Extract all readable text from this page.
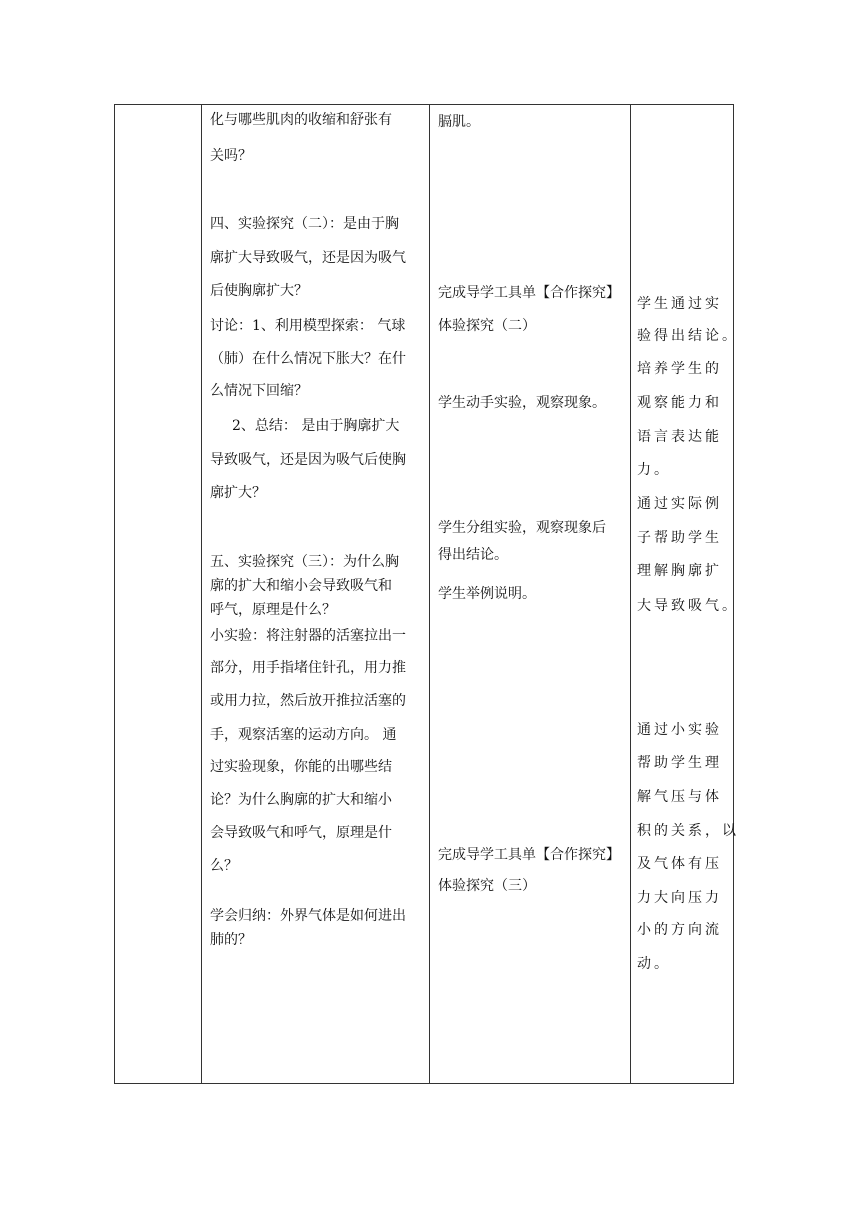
化与哪些肌肉的收缩和舒张有
关吗？
四、实验探究（二）：是由于胸
廓扩大导致吸气，还是因为吸气
后使胸廓扩大？
讨论：1、利用模型探索： 气球
（肺）在什么情况下胀大？在什
么情况下回缩？
2、总结： 是由于胸廓扩大
导致吸气，还是因为吸气后使胸
廓扩大？
五、实验探究（三）：为什么胸
廓的扩大和缩小会导致吸气和
呼气，原理是什么？
小实验：将注射器的活塞拉出一
部分，用手指堵住针孔，用力推
或用力拉，然后放开推拉活塞的
手，观察活塞的运动方向。 通
过实验现象，你能的出哪些结
论？为什么胸廓的扩大和缩小
会导致吸气和呼气，原理是什
么？
学会归纳：外界气体是如何进出
肺的？
膈肌。
完成导学工具单【合作探究】
体验探究（二）
学生动手实验，观察现象。
学生分组实验，观察现象后
得出结论。
学生举例说明。
完成导学工具单【合作探究】
体验探究（三）
学生通过实
验得出结论。
培养学生的
观察能力和
语言表达能
力。
通过实际例
子帮助学生
理解胸廓扩
大导致吸气。
通过小实验
帮助学生理
解气压与体
积的关系，以
及气体有压
力大向压力
小的方向流
动。
